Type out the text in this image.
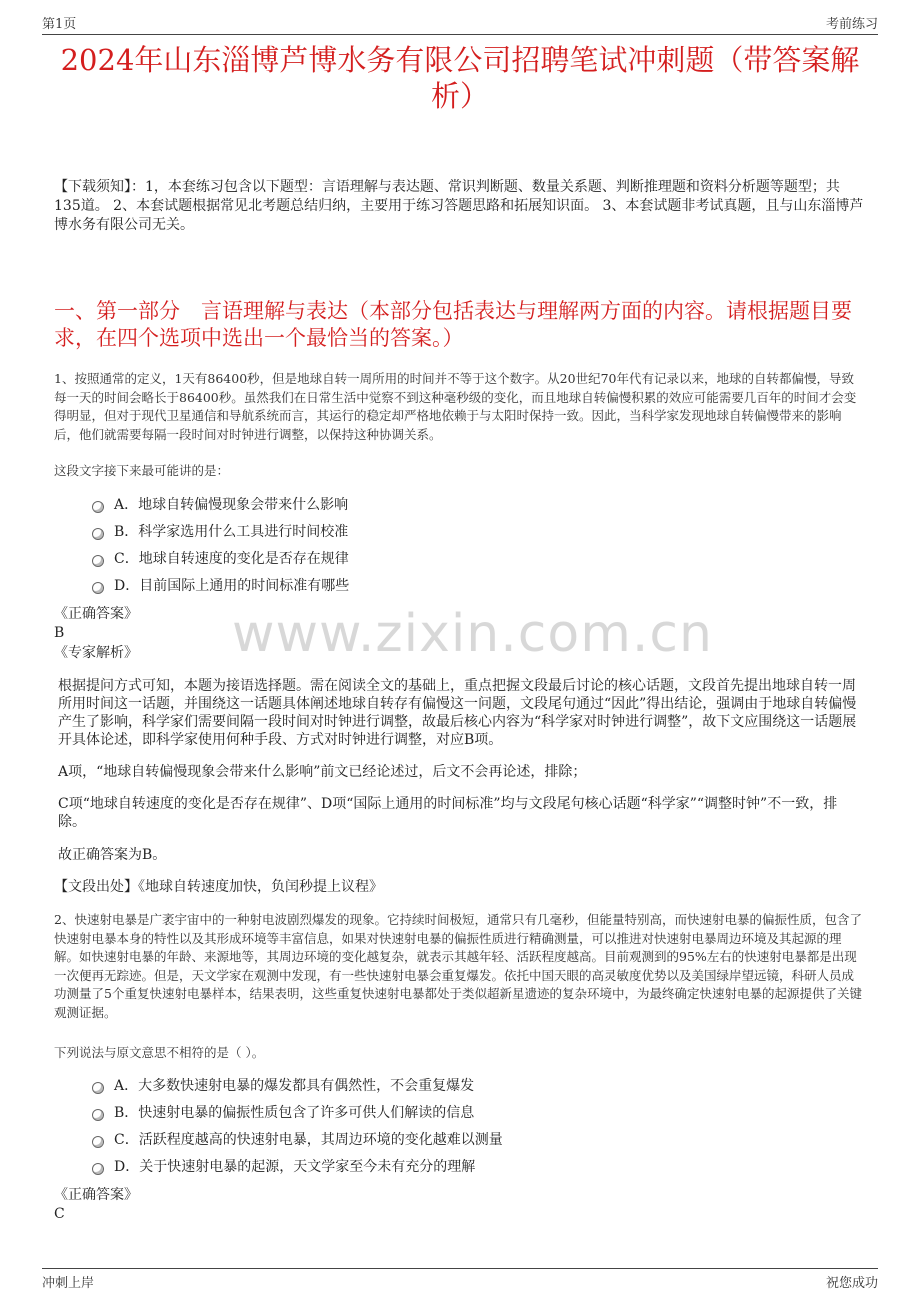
第1页	考前练习
2024年山东淄博芦博水务有限公司招聘笔试冲刺题（带答案解析）
【下载须知】：1，本套练习包含以下题型：言语理解与表达题、常识判断题、数量关系题、判断推理题和资料分析题等题型；共135道。 2、本套试题根据常见北考题总结归纳，主要用于练习答题思路和拓展知识面。 3、本套试题非考试真题，且与山东淄博芦博水务有限公司无关。
一、第一部分　言语理解与表达（本部分包括表达与理解两方面的内容。请根据题目要求，在四个选项中选出一个最恰当的答案。）
1、按照通常的定义，1天有86400秒，但是地球自转一周所用的时间并不等于这个数字。从20世纪70年代有记录以来，地球的自转都偏慢，导致每一天的时间会略长于86400秒。虽然我们在日常生活中觉察不到这种毫秒级的变化，而且地球自转偏慢积累的效应可能需要几百年的时间才会变得明显，但对于现代卫星通信和导航系统而言，其运行的稳定却严格地依赖于与太阳时保持一致。因此，当科学家发现地球自转偏慢带来的影响后，他们就需要每隔一段时间对时钟进行调整，以保持这种协调关系。
这段文字接下来最可能讲的是：
A．地球自转偏慢现象会带来什么影响
B．科学家选用什么工具进行时间校准
C．地球自转速度的变化是否存在规律
D．目前国际上通用的时间标准有哪些
《正确答案》
B
《专家解析》
根据提问方式可知，本题为接语选择题。需在阅读全文的基础上，重点把握文段最后讨论的核心话题，文段首先提出地球自转一周所用时间这一话题，并围绕这一话题具体阐述地球自转存有偏慢这一问题，文段尾句通过“因此”得出结论，强调由于地球自转偏慢产生了影响，科学家们需要间隔一段时间对时钟进行调整，故最后核心内容为“科学家对时钟进行调整”，故下文应围绕这一话题展开具体论述，即科学家使用何种手段、方式对时钟进行调整，对应B项。
A项，“地球自转偏慢现象会带来什么影响”前文已经论述过，后文不会再论述，排除；
C项“地球自转速度的变化是否存在规律”、D项“国际上通用的时间标准”均与文段尾句核心话题“科学家”“调整时钟”不一致，排除。
故正确答案为B。
【文段出处】《地球自转速度加快，负闰秒提上议程》
2、快速射电暴是广袤宇宙中的一种射电波剧烈爆发的现象。它持续时间极短，通常只有几毫秒，但能量特别高，而快速射电暴的偏振性质，包含了快速射电暴本身的特性以及其形成环境等丰富信息，如果对快速射电暴的偏振性质进行精确测量，可以推进对快速射电暴周边环境及其起源的理解。如快速射电暴的年龄、来源地等，其周边环境的变化越复杂，就表示其越年轻、活跃程度越高。目前观测到的95%左右的快速射电暴都是出现一次便再无踪迹。但是，天文学家在观测中发现，有一些快速射电暴会重复爆发。依托中国天眼的高灵敏度优势以及美国绿岸望远镜，科研人员成功测量了5个重复快速射电暴样本，结果表明，这些重复快速射电暴都处于类似超新星遗迹的复杂环境中，为最终确定快速射电暴的起源提供了关键观测证据。
下列说法与原文意思不相符的是（ ）。
A．大多数快速射电暴的爆发都具有偶然性，不会重复爆发
B．快速射电暴的偏振性质包含了许多可供人们解读的信息
C．活跃程度越高的快速射电暴，其周边环境的变化越难以测量
D．关于快速射电暴的起源，天文学家至今未有充分的理解
《正确答案》
C
www.zixin.com.cn
冲刺上岸	祝您成功
